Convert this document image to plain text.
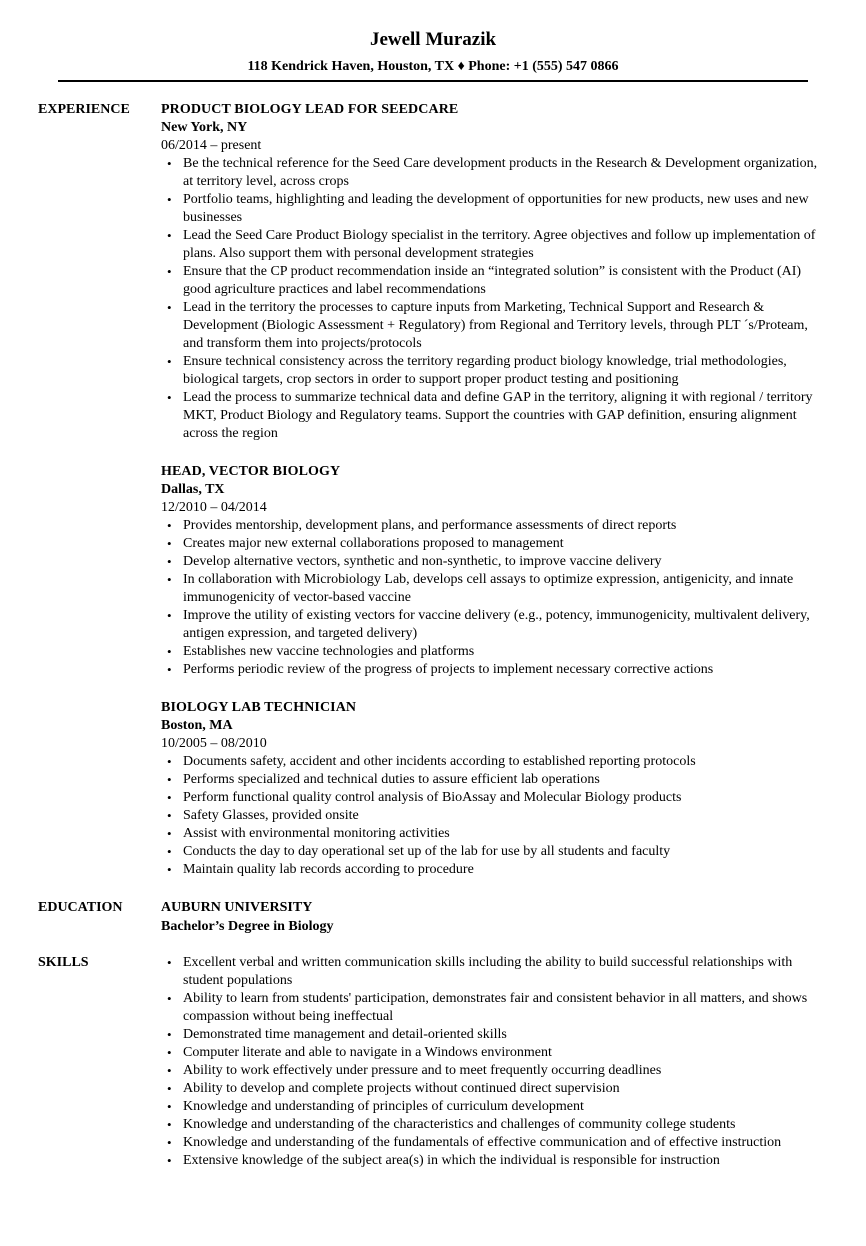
Jewell Murazik
118 Kendrick Haven, Houston, TX ♦ Phone: +1 (555) 547 0866
EXPERIENCE PRODUCT BIOLOGY LEAD FOR SEEDCARE
New York, NY
06/2014 – present
• Be the technical reference for the Seed Care development products in the Research & Development organization, at territory level, across crops
• Portfolio teams, highlighting and leading the development of opportunities for new products, new uses and new businesses
• Lead the Seed Care Product Biology specialist in the territory. Agree objectives and follow up implementation of plans. Also support them with personal development strategies
• Ensure that the CP product recommendation inside an “integrated solution” is consistent with the Product (AI) good agriculture practices and label recommendations
• Lead in the territory the processes to capture inputs from Marketing, Technical Support and Research & Development (Biologic Assessment + Regulatory) from Regional and Territory levels, through PLT ´s/Proteam, and transform them into projects/protocols
• Ensure technical consistency across the territory regarding product biology knowledge, trial methodologies, biological targets, crop sectors in order to support proper product testing and positioning
• Lead the process to summarize technical data and define GAP in the territory, aligning it with regional / territory MKT, Product Biology and Regulatory teams. Support the countries with GAP definition, ensuring alignment across the region
HEAD, VECTOR BIOLOGY
Dallas, TX
12/2010 – 04/2014
• Provides mentorship, development plans, and performance assessments of direct reports
• Creates major new external collaborations proposed to management
• Develop alternative vectors, synthetic and non-synthetic, to improve vaccine delivery
• In collaboration with Microbiology Lab, develops cell assays to optimize expression, antigenicity, and innate immunogenicity of vector-based vaccine
• Improve the utility of existing vectors for vaccine delivery (e.g., potency, immunogenicity, multivalent delivery, antigen expression, and targeted delivery)
• Establishes new vaccine technologies and platforms
• Performs periodic review of the progress of projects to implement necessary corrective actions
BIOLOGY LAB TECHNICIAN
Boston, MA
10/2005 – 08/2010
• Documents safety, accident and other incidents according to established reporting protocols
• Performs specialized and technical duties to assure efficient lab operations
• Perform functional quality control analysis of BioAssay and Molecular Biology products
• Safety Glasses, provided onsite
• Assist with environmental monitoring activities
• Conducts the day to day operational set up of the lab for use by all students and faculty
• Maintain quality lab records according to procedure
EDUCATION	AUBURN UNIVERSITY
Bachelor’s Degree in Biology
SKILLS
•	Excellent verbal and written communication skills including the ability to build successful relationships with student populations
• Ability to learn from students' participation, demonstrates fair and consistent behavior in all matters, and shows compassion without being ineffectual
• Demonstrated time management and detail-oriented skills
• Computer literate and able to navigate in a Windows environment
• Ability to work effectively under pressure and to meet frequently occurring deadlines
• Ability to develop and complete projects without continued direct supervision
• Knowledge and understanding of principles of curriculum development
• Knowledge and understanding of the characteristics and challenges of community college students
• Knowledge and understanding of the fundamentals of effective communication and of effective instruction
• Extensive knowledge of the subject area(s) in which the individual is responsible for instruction
